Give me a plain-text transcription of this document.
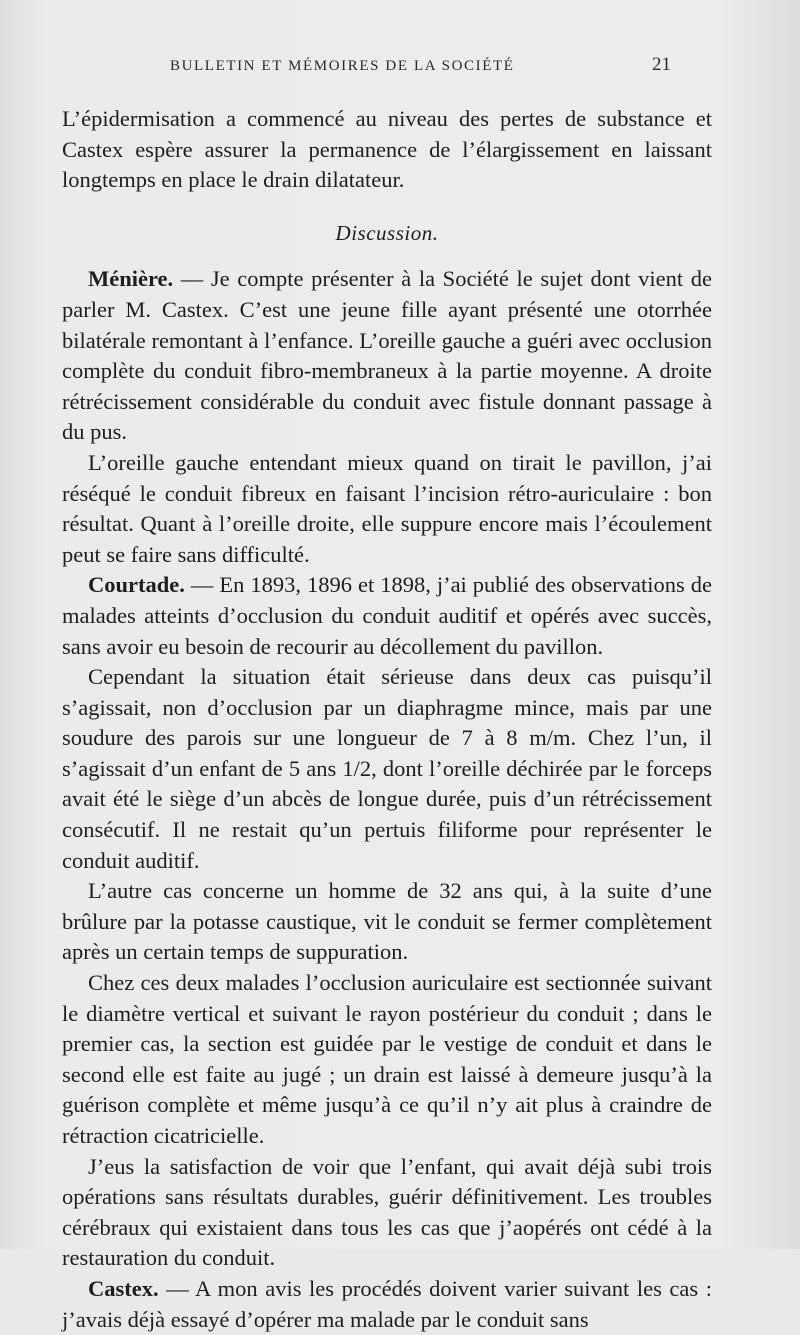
BULLETIN ET MÉMOIRES DE LA SOCIÉTÉ	21

L’épidermisation a commencé au niveau des pertes de substance et Castex espère assurer la permanence de l’élargissement en laissant longtemps en place le drain dilatateur.

Discussion.

Ménière. — Je compte présenter à la Société le sujet dont vient de parler M. Castex. C’est une jeune fille ayant présenté une otorrhée bilatérale remontant à l’enfance. L’oreille gauche a guéri avec occlusion complète du conduit fibro-membraneux à la partie moyenne. A droite rétrécissement considérable du conduit avec fistule donnant passage à du pus.

L’oreille gauche entendant mieux quand on tirait le pavillon, j’ai réséqué le conduit fibreux en faisant l’incision rétro-auriculaire : bon résultat. Quant à l’oreille droite, elle suppure encore mais l’écoulement peut se faire sans difficulté.

Courtade. — En 1893, 1896 et 1898, j’ai publié des observations de malades atteints d’occlusion du conduit auditif et opérés avec succès, sans avoir eu besoin de recourir au décollement du pavillon.

Cependant la situation était sérieuse dans deux cas puisqu’il s’agissait, non d’occlusion par un diaphragme mince, mais par une soudure des parois sur une longueur de 7 à 8 m/m. Chez l’un, il s’agissait d’un enfant de 5 ans 1/2, dont l’oreille déchirée par le forceps avait été le siège d’un abcès de longue durée, puis d’un rétrécissement consécutif. Il ne restait qu’un pertuis filiforme pour représenter le conduit auditif.

L’autre cas concerne un homme de 32 ans qui, à la suite d’une brûlure par la potasse caustique, vit le conduit se fermer complètement après un certain temps de suppuration.

Chez ces deux malades l’occlusion auriculaire est sectionnée suivant le diamètre vertical et suivant le rayon postérieur du conduit ; dans le premier cas, la section est guidée par le vestige de conduit et dans le second elle est faite au jugé ; un drain est laissé à demeure jusqu’à la guérison complète et même jusqu’à ce qu’il n’y ait plus à craindre de rétraction cicatricielle.

J’eus la satisfaction de voir que l’enfant, qui avait déjà subi trois opérations sans résultats durables, guérir définitivement. Les troubles cérébraux qui existaient dans tous les cas que j’aopérés ont cédé à la restauration du conduit.

Castex. — A mon avis les procédés doivent varier suivant les cas : j’avais déjà essayé d’opérer ma malade par le conduit sans
